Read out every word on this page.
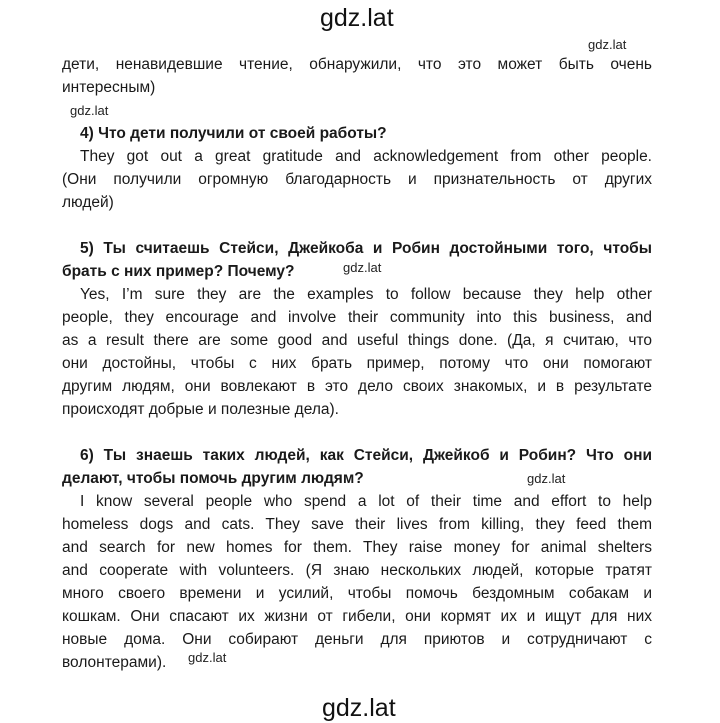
gdz.lat
gdz.lat
gdz.lat
gdz.lat
gdz.lat
gdz.lat
gdz.lat
дети, ненавидевшие чтение, обнаружили, что это может быть очень
интересным)
4) Что дети получили от своей работы?
They got out a great gratitude and acknowledgement from other people.
(Они получили огромную благодарность и признательность от других
людей)
5) Ты считаешь Стейси, Джейкоба и Робин достойными того, чтобы
брать с них пример? Почему?
Yes, I’m sure they are the examples to follow because they help other
people, they encourage and involve their community into this business, and
as a result there are some good and useful things done. (Да, я считаю, что
они достойны, чтобы с них брать пример, потому что они помогают
другим людям, они вовлекают в это дело своих знакомых, и в результате
происходят добрые и полезные дела).
6) Ты знаешь таких людей, как Стейси, Джейкоб и Робин? Что они
делают, чтобы помочь другим людям?
I know several people who spend a lot of their time and effort to help
homeless dogs and cats. They save their lives from killing, they feed them
and search for new homes for them. They raise money for animal shelters
and cooperate with volunteers. (Я знаю нескольких людей, которые тратят
много своего времени и усилий, чтобы помочь бездомным собакам и
кошкам. Они спасают их жизни от гибели, они кормят их и ищут для них
новые дома. Они собирают деньги для приютов и сотрудничают с
волонтерами).
